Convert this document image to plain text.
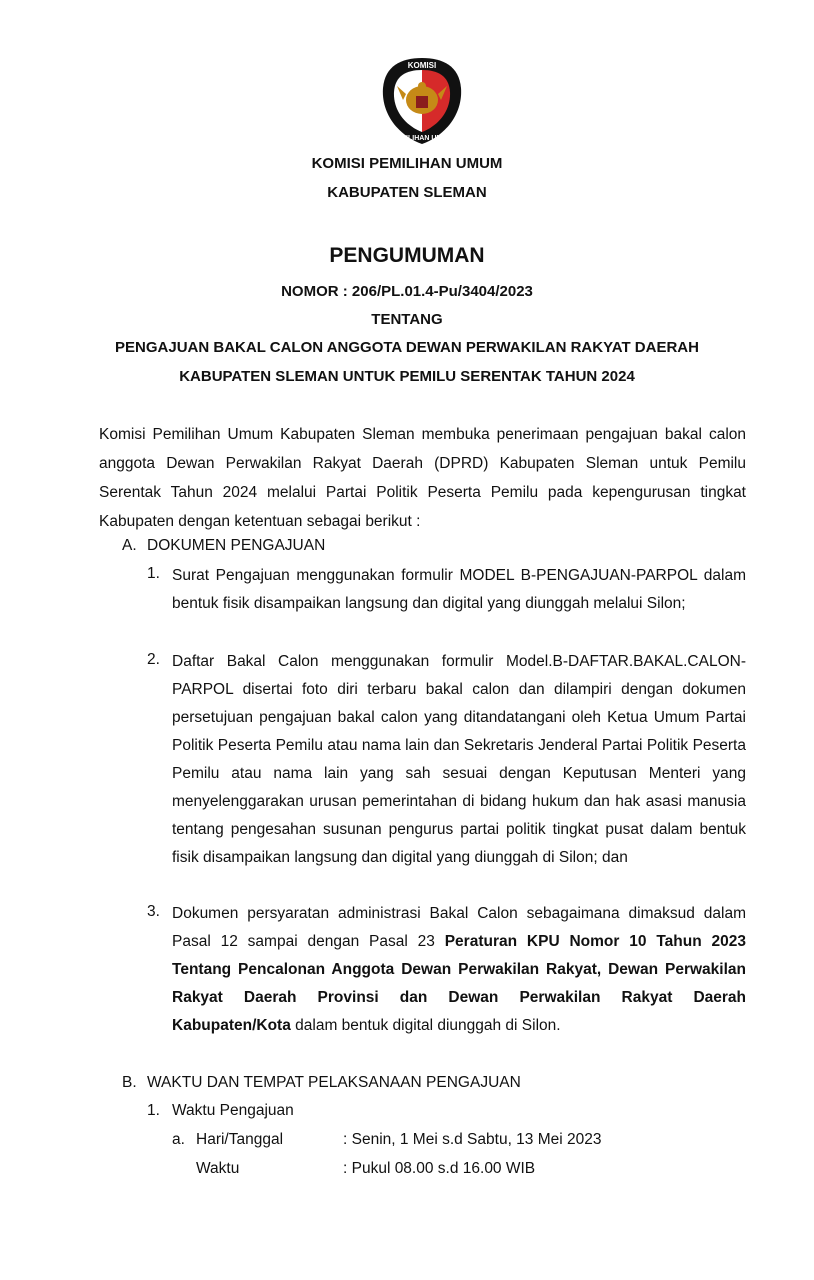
KOMISI
PEMILIHAN UMUM
KOMISI PEMILIHAN UMUM
KABUPATEN SLEMAN
PENGUMUMAN
NOMOR : 206/PL.01.4-Pu/3404/2023
TENTANG
PENGAJUAN BAKAL CALON ANGGOTA DEWAN PERWAKILAN RAKYAT DAERAH
KABUPATEN SLEMAN UNTUK PEMILU SERENTAK TAHUN 2024
Komisi Pemilihan Umum Kabupaten Sleman membuka penerimaan pengajuan bakal calon anggota Dewan Perwakilan Rakyat Daerah (DPRD) Kabupaten Sleman untuk Pemilu Serentak Tahun 2024 melalui Partai Politik Peserta Pemilu pada kepengurusan tingkat Kabupaten dengan ketentuan sebagai berikut :
A. DOKUMEN PENGAJUAN
1. Surat Pengajuan menggunakan formulir MODEL B-PENGAJUAN-PARPOL dalam bentuk fisik disampaikan langsung dan digital yang diunggah melalui Silon;
2. Daftar Bakal Calon menggunakan formulir Model.B-DAFTAR.BAKAL.CALON-PARPOL disertai foto diri terbaru bakal calon dan dilampiri dengan dokumen persetujuan pengajuan bakal calon yang ditandatangani oleh Ketua Umum Partai Politik Peserta Pemilu atau nama lain dan Sekretaris Jenderal Partai Politik Peserta Pemilu atau nama lain yang sah sesuai dengan Keputusan Menteri yang menyelenggarakan urusan pemerintahan di bidang hukum dan hak asasi manusia tentang pengesahan susunan pengurus partai politik tingkat pusat dalam bentuk fisik disampaikan langsung dan digital yang diunggah di Silon; dan
3. Dokumen persyaratan administrasi Bakal Calon sebagaimana dimaksud dalam Pasal 12 sampai dengan Pasal 23 Peraturan KPU Nomor 10 Tahun 2023 Tentang Pencalonan Anggota Dewan Perwakilan Rakyat, Dewan Perwakilan Rakyat Daerah Provinsi dan Dewan Perwakilan Rakyat Daerah Kabupaten/Kota dalam bentuk digital diunggah di Silon.
B. WAKTU DAN TEMPAT PELAKSANAAN PENGAJUAN
1. Waktu Pengajuan
a. Hari/Tanggal	: Senin, 1 Mei s.d Sabtu, 13 Mei 2023
Waktu	: Pukul 08.00 s.d 16.00 WIB
